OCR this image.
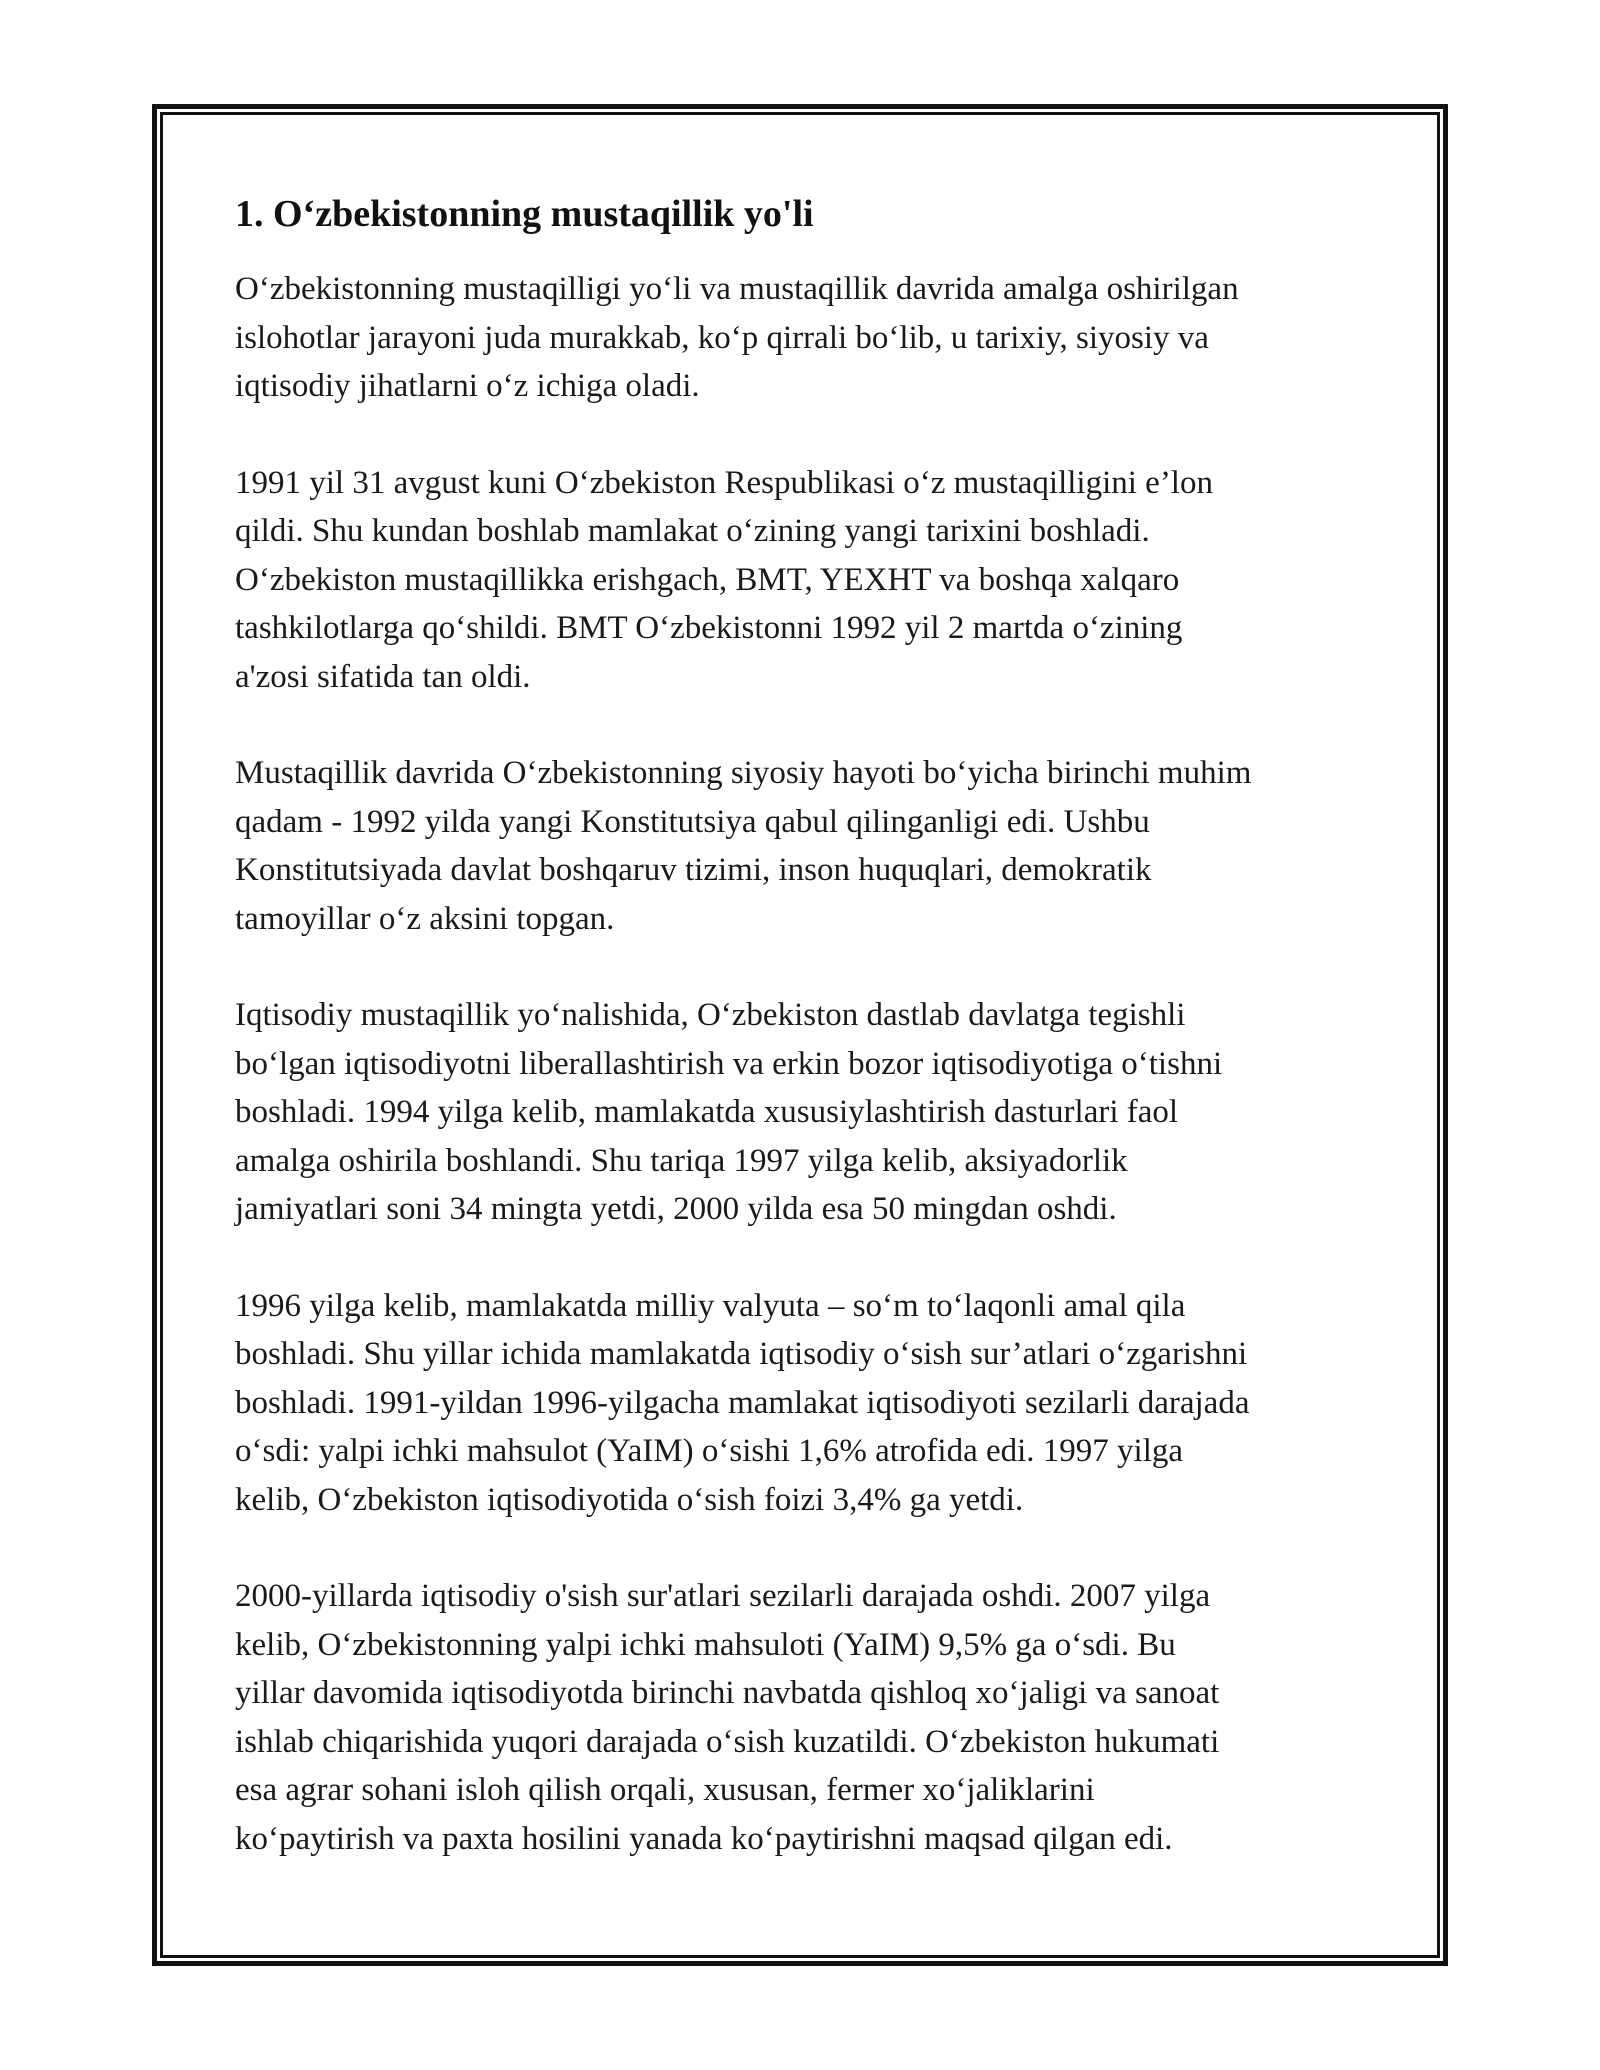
1. O‘zbekistonning mustaqillik yo'li

O‘zbekistonning mustaqilligi yo‘li va mustaqillik davrida amalga oshirilgan
islohotlar jarayoni juda murakkab, ko‘p qirrali bo‘lib, u tarixiy, siyosiy va
iqtisodiy jihatlarni o‘z ichiga oladi.

1991 yil 31 avgust kuni O‘zbekiston Respublikasi o‘z mustaqilligini e’lon
qildi. Shu kundan boshlab mamlakat o‘zining yangi tarixini boshladi.
O‘zbekiston mustaqillikka erishgach, BMT, YEXHT va boshqa xalqaro
tashkilotlarga qo‘shildi. BMT O‘zbekistonni 1992 yil 2 martda o‘zining
a'zosi sifatida tan oldi.

Mustaqillik davrida O‘zbekistonning siyosiy hayoti bo‘yicha birinchi muhim
qadam - 1992 yilda yangi Konstitutsiya qabul qilinganligi edi. Ushbu
Konstitutsiyada davlat boshqaruv tizimi, inson huquqlari, demokratik
tamoyillar o‘z aksini topgan.

Iqtisodiy mustaqillik yo‘nalishida, O‘zbekiston dastlab davlatga tegishli
bo‘lgan iqtisodiyotni liberallashtirish va erkin bozor iqtisodiyotiga o‘tishni
boshladi. 1994 yilga kelib, mamlakatda xususiylashtirish dasturlari faol
amalga oshirila boshlandi. Shu tariqa 1997 yilga kelib, aksiyadorlik
jamiyatlari soni 34 mingta yetdi, 2000 yilda esa 50 mingdan oshdi.

1996 yilga kelib, mamlakatda milliy valyuta – so‘m to‘laqonli amal qila
boshladi. Shu yillar ichida mamlakatda iqtisodiy o‘sish sur’atlari o‘zgarishni
boshladi. 1991-yildan 1996-yilgacha mamlakat iqtisodiyoti sezilarli darajada
o‘sdi: yalpi ichki mahsulot (YaIM) o‘sishi 1,6% atrofida edi. 1997 yilga
kelib, O‘zbekiston iqtisodiyotida o‘sish foizi 3,4% ga yetdi.

2000-yillarda iqtisodiy o'sish sur'atlari sezilarli darajada oshdi. 2007 yilga
kelib, O‘zbekistonning yalpi ichki mahsuloti (YaIM) 9,5% ga o‘sdi. Bu
yillar davomida iqtisodiyotda birinchi navbatda qishloq xo‘jaligi va sanoat
ishlab chiqarishida yuqori darajada o‘sish kuzatildi. O‘zbekiston hukumati
esa agrar sohani isloh qilish orqali, xususan, fermer xo‘jaliklarini
ko‘paytirish va paxta hosilini yanada ko‘paytirishni maqsad qilgan edi.
